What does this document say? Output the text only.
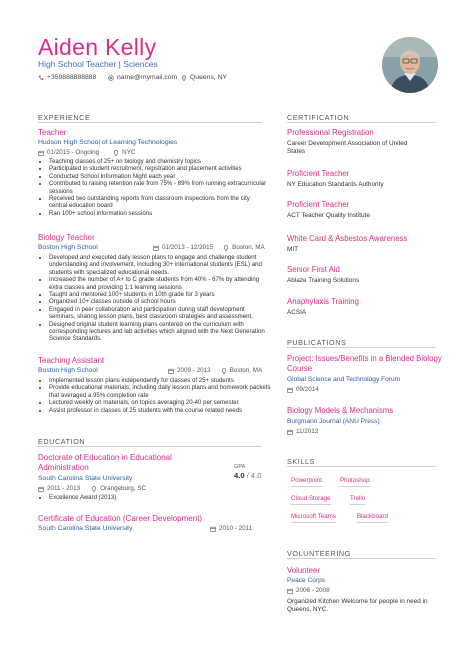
Aiden Kelly
High School Teacher | Sciences
+359888888888	name@mymail.com Queens, NY
EXPERIENCE
Teacher
Hudson High School of Learning Technologies
01/2015 - Ongoing	NYC
• Teaching classes of 25+ on biology and chemistry topics
• Participated in student recruitment, registration and placement activities
• Conducted School Information Night each year
• Contributed to raising retention rate from 75% - 89% from running extracurricular sessions
• Received two outstanding reports from classroom inspections from the city central education board
• Ran 100+ school information sessions
Biology Teacher
Boston High School	01/2013 - 12/2015	Boston, MA
• Developed and executed daily lesson plans to engage and challenge student understanding and involvement, including 30+ international students (ESL) and students with specialized educational needs.
• Increased the number of A+ to C grade students from 40% - 67% by attending extra classes and providing 1:1 learning sessions
• Taught and mentored 100+ students in 10th grade for 3 years
• Organized 10+ classes outside of school hours
• Engaged in peer collaboration and participation during staff development seminars, sharing lesson plans, best classroom strategies and assessment.
• Designed original student learning plans centered on the curriculum with corresponding lectures and lab activities which aligned with the Next Generation Science Standards.
Teaching Assistant
Boston High School	2009 - 2013	Boston, MA
• Implemented lesson plans independently for classes of 25+ students
• Provide educational materials, including daily lesson plans and homework packets that averaged a 95% completion rate
• Lectured weekly on materials, on topics averaging 20-40 per semester
• Assist professor in classes of 25 students with the course related needs
EDUCATION
Doctorate of Education in Educational Administration	GPA
4.0 / 4.0
South Carolina State University
2011 - 2013	Orangeburg, SC
• Excellence Award (2013)
Certificate of Education (Career Development)
South Carolina State University	2010 - 2011
CERTIFICATION
Professional Registration
Career Development Association of United States
Proficient Teacher
NY Education Standards Authority
Proficient Teacher
ACT Teacher Quality Institute
White Card & Asbestos Awareness
MIT
Senior First Aid
Ablaze Training Solutions
Anaphylaxis Training
ACSIA
PUBLICATIONS
Project: Issues/Benefits in a Blended Biology Course
Global Science and Technology Forum
09/2014
Biology Models & Mechanisms
Burgmann Journal (ANU Press)
11/2012
SKILLS
Powerpoint	Photoshop
Cloud Storage	Trello
Microsoft Teams	Blackboard
VOLUNTEERING
Volunteer
Peace Corps
2006 - 2008
Organized Kitchen Welcome for people in need in Queens, NYC.
